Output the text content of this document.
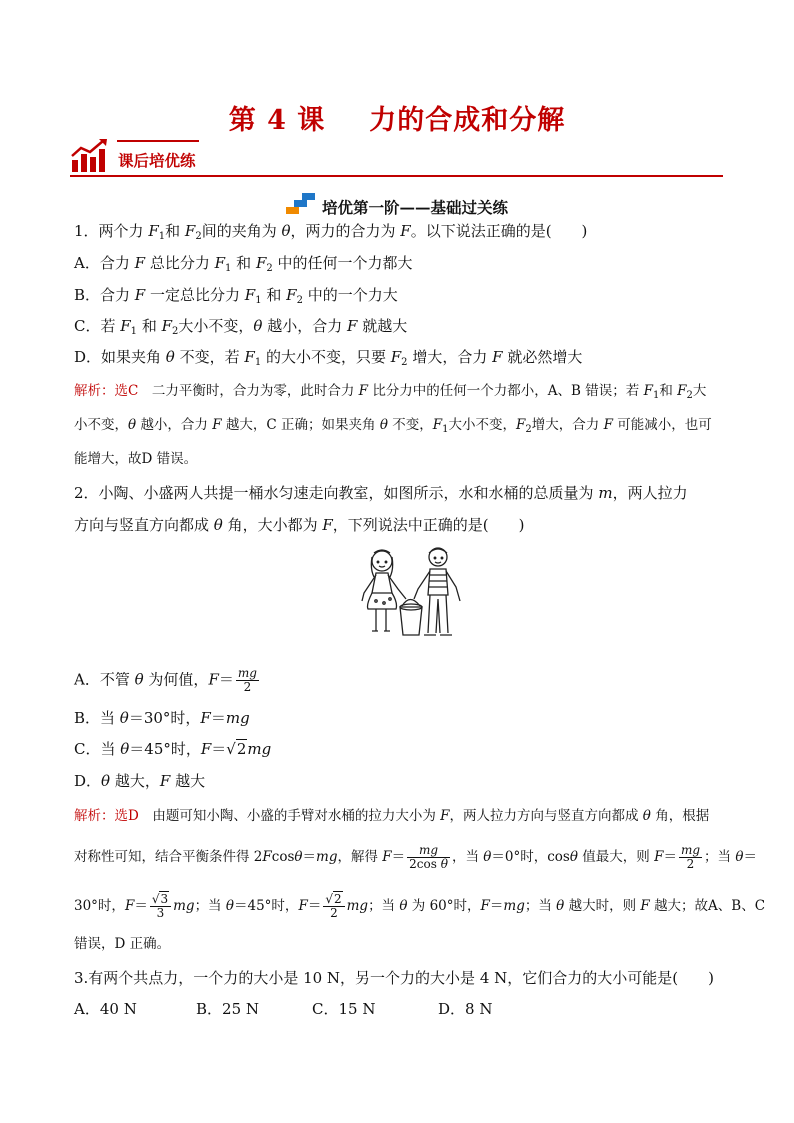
第 4 课 力的合成和分解
课后培优练
培优第一阶——基础过关练
1．两个力 $F_1$和 $F_2$间的夹角为 θ，两力的合力为 F。以下说法正确的是(　　)
A．合力 F 总比分力 $F_1$ 和 $F_2$ 中的任何一个力都大
B．合力 F 一定总比分力 $F_1$ 和 $F_2$ 中的一个力大
C．若 $F_1$ 和 $F_2$大小不变，θ 越小，合力 F 就越大
D．如果夹角 θ 不变，若 $F_1$ 的大小不变，只要 $F_2$ 增大，合力 F 就必然增大
解析：选C　二力平衡时，合力为零，此时合力 F 比分力中的任何一个力都小，A、B 错误；若 $F_1$和 $F_2$大
小不变，θ 越小，合力 F 越大，C 正确；如果夹角 θ 不变，$F_1$大小不变，$F_2$增大，合力 F 可能减小，也可
能增大，故D 错误。
2．小陶、小盛两人共提一桶水匀速走向教室，如图所示，水和水桶的总质量为 m，两人拉力
方向与竖直方向都成 θ 角，大小都为 F，下列说法中正确的是(　　)
A．不管 θ 为何值，$F= \frac{mg}{2}$
B．当 θ＝30°时，F＝mg
C．当 θ＝45°时，F＝√2mg
D．θ 越大，F 越大
解析：选D　由题可知小陶、小盛的手臂对水桶的拉力大小为 F，两人拉力方向与竖直方向都成 θ 角，根据
对称性可知，结合平衡条件得 2Fcosθ＝mg，解得 $F= \frac{mg}{\text{2cos θ}}$ ，当 θ＝0°时，cosθ 值最大，则 $F= \frac{mg}{2}$ ；当 θ＝
30°时，$F= \frac{√3}{3}$ mg；当 θ＝45°时，$F= \frac{√2}{2}$ mg；当 θ 为 60°时，F＝mg；当 θ 越大时，则 F 越大；故A、B、C
错误，D 正确。
3.有两个共点力，一个力的大小是 10 N，另一个力的大小是 4 N，它们合力的大小可能是(　　)
A．40 N	B．25 N	C．15 N	D．8 N
